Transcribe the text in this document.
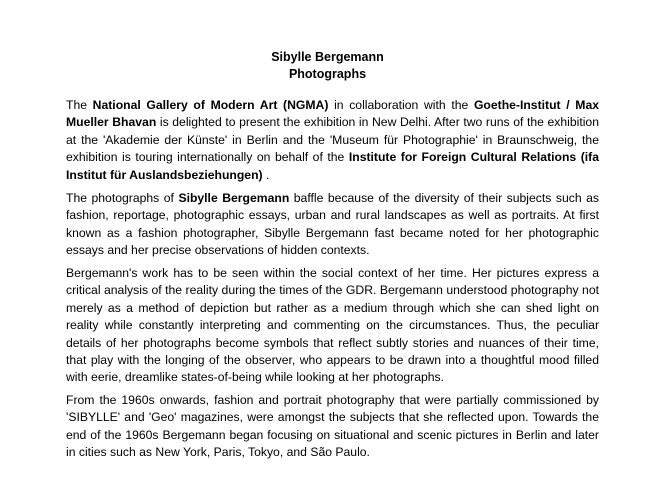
Sibylle Bergemann
Photographs

The National Gallery of Modern Art (NGMA) in collaboration with the Goethe-Institut / Max Mueller Bhavan is delighted to present the exhibition in New Delhi. After two runs of the exhibition at the 'Akademie der Künste' in Berlin and the 'Museum für Photographie' in Braunschweig, the exhibition is touring internationally on behalf of the Institute for Foreign Cultural Relations (ifa Institut für Auslandsbeziehungen) .

The photographs of Sibylle Bergemann baffle because of the diversity of their subjects such as fashion, reportage, photographic essays, urban and rural landscapes as well as portraits. At first known as a fashion photographer, Sibylle Bergemann fast became noted for her photographic essays and her precise observations of hidden contexts.

Bergemann's work has to be seen within the social context of her time. Her pictures express a critical analysis of the reality during the times of the GDR. Bergemann understood photography not merely as a method of depiction but rather as a medium through which she can shed light on reality while constantly interpreting and commenting on the circumstances. Thus, the peculiar details of her photographs become symbols that reflect subtly stories and nuances of their time, that play with the longing of the observer, who appears to be drawn into a thoughtful mood filled with eerie, dreamlike states-of-being while looking at her photographs.

From the 1960s onwards, fashion and portrait photography that were partially commissioned by 'SIBYLLE' and 'Geo' magazines, were amongst the subjects that she reflected upon. Towards the end of the 1960s Bergemann began focusing on situational and scenic pictures in Berlin and later in cities such as New York, Paris, Tokyo, and São Paulo.
